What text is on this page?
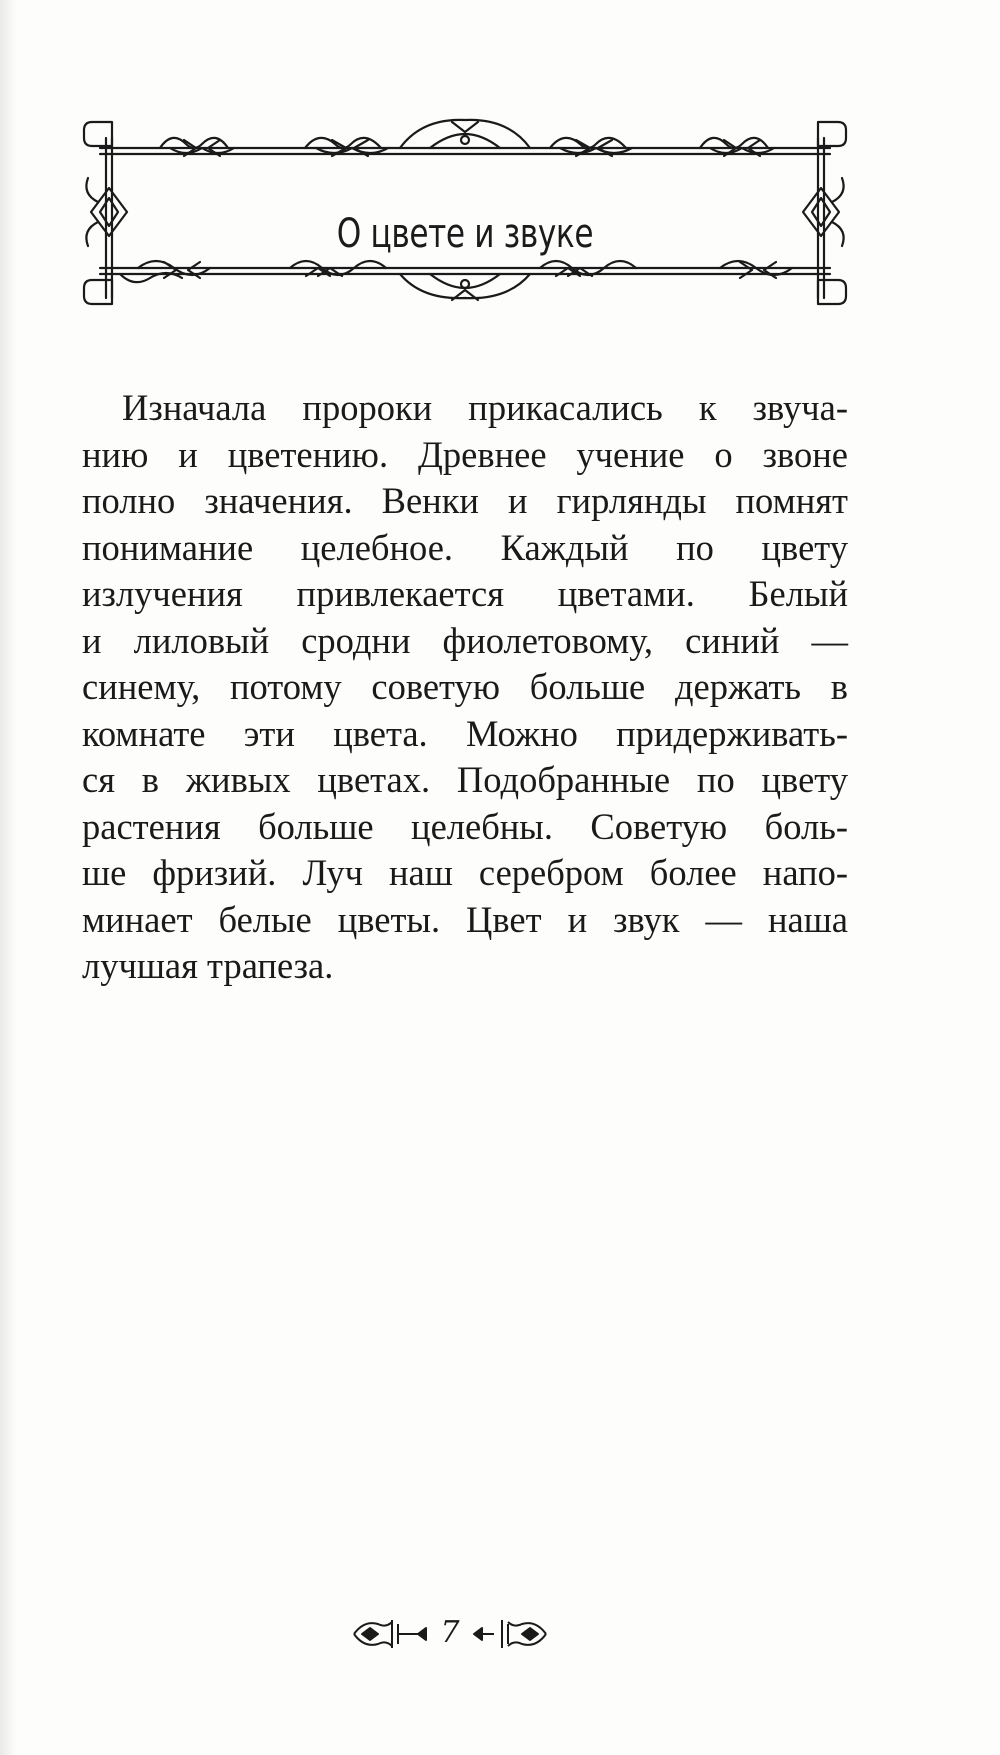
О цвете и звуке
Изначала пророки прикасались к звуча-
нию и цветению. Древнее учение о звоне
полно значения. Венки и гирлянды помнят
понимание целебное. Каждый по цвету
излучения привлекается цветами. Белый
и лиловый сродни фиолетовому, синий —
синему, потому советую больше держать в
комнате эти цвета. Можно придерживать-
ся в живых цветах. Подобранные по цвету
растения больше целебны. Советую боль-
ше фризий. Луч наш серебром более напо-
минает белые цветы. Цвет и звук — наша
лучшая трапеза.
7
